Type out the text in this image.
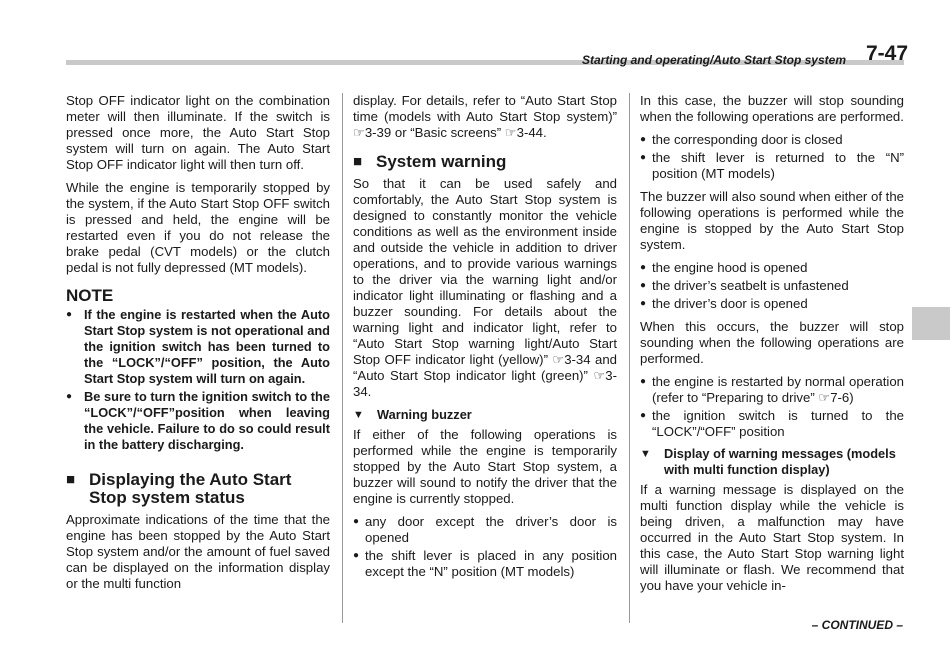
Starting and operating/Auto Start Stop system 7-47

Stop OFF indicator light on the combination meter will then illuminate. If the switch is pressed once more, the Auto Start Stop system will turn on again. The Auto Start Stop OFF indicator light will then turn off.

While the engine is temporarily stopped by the system, if the Auto Start Stop OFF switch is pressed and held, the engine will be restarted even if you do not release the brake pedal (CVT models) or the clutch pedal is not fully depressed (MT models).

NOTE
● If the engine is restarted when the Auto Start Stop system is not operational and the ignition switch has been turned to the “LOCK”/“OFF” position, the Auto Start Stop system will turn on again.
● Be sure to turn the ignition switch to the “LOCK”/“OFF”position when leaving the vehicle. Failure to do so could result in the battery discharging.
■ Displaying the Auto Start Stop system status

Approximate indications of the time that the engine has been stopped by the Auto Start Stop system and/or the amount of fuel saved can be displayed on the information display or the multi function

display. For details, refer to “Auto Start Stop time (models with Auto Start Stop system)” ☞3-39 or “Basic screens” ☞3-44.

■ System warning

So that it can be used safely and comfortably, the Auto Start Stop system is designed to constantly monitor the vehicle conditions as well as the environment inside and outside the vehicle in addition to driver operations, and to provide various warnings to the driver via the warning light and/or indicator light illuminating or flashing and a buzzer sounding. For details about the warning light and indicator light, refer to “Auto Start Stop warning light/Auto Start Stop OFF indicator light (yellow)” ☞3-34 and “Auto Start Stop indicator light (green)” ☞3-34.

▼	Warning buzzer

If either of the following operations is performed while the engine is temporarily stopped by the Auto Start Stop system, a buzzer will sound to notify the driver that the engine is currently stopped.

● any door except the driver’s door is opened
● the shift lever is placed in any position except the “N” position (MT models)

In this case, the buzzer will stop sounding when the following operations are performed.

● the corresponding door is closed
● the shift lever is returned to the “N” position (MT models)

The buzzer will also sound when either of the following operations is performed while the engine is stopped by the Auto Start Stop system.

● the engine hood is opened
● the driver’s seatbelt is unfastened
● the driver’s door is opened

When this occurs, the buzzer will stop sounding when the following operations are performed.

● the engine is restarted by normal operation (refer to “Preparing to drive” ☞7-6)
● the ignition switch is turned to the “LOCK”/“OFF” position
▼	Display of warning messages (models with multi function display)

If a warning message is displayed on the multi function display while the vehicle is being driven, a malfunction may have occurred in the Auto Start Stop system. In this case, the Auto Start Stop warning light will illuminate or flash. We recommend that you have your vehicle in-

– CONTINUED –
